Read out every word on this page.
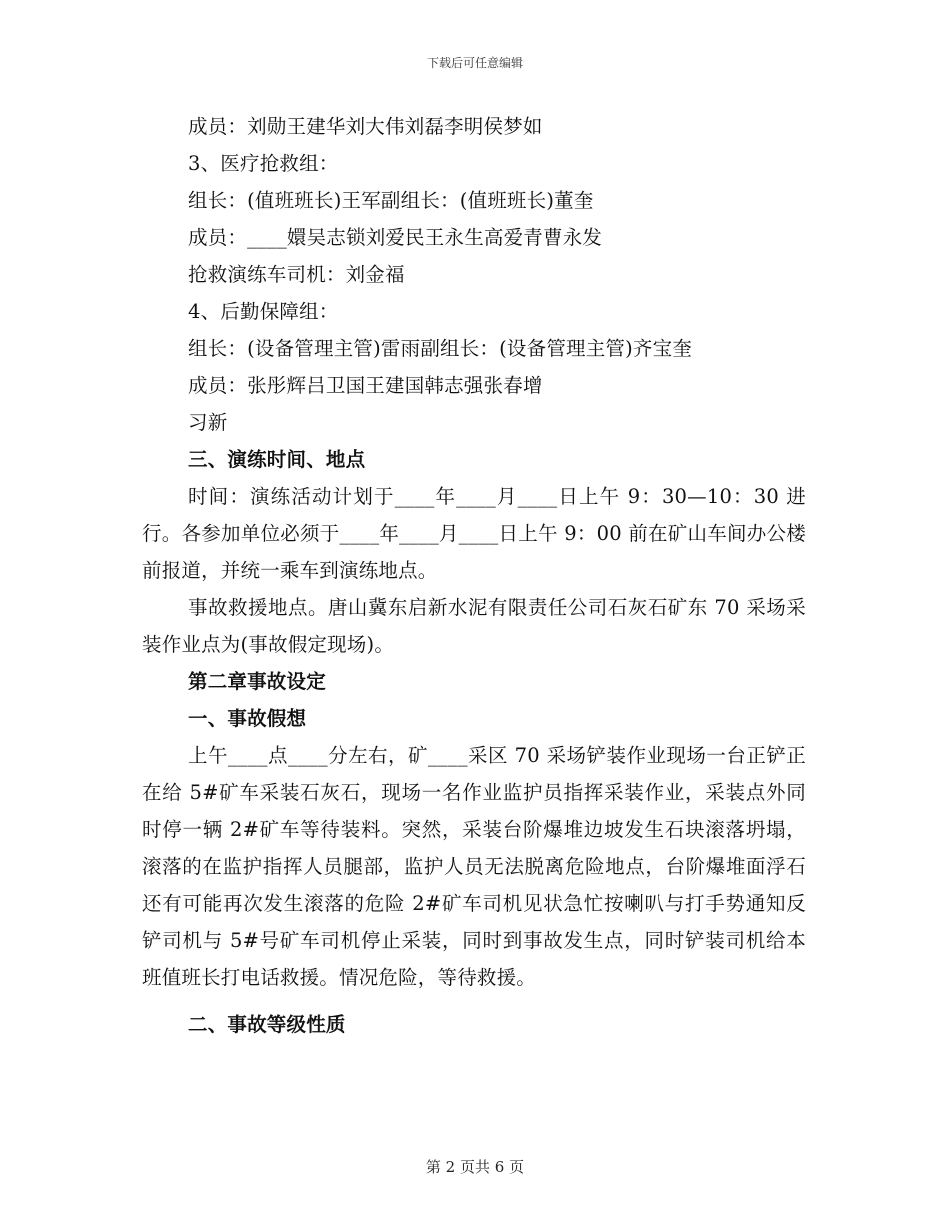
下载后可任意编辑
成员：刘勋王建华刘大伟刘磊李明侯梦如
3、医疗抢救组：
组长：(值班班长)王军副组长：(值班班长)董奎
成员：____嬛吴志锁刘爱民王永生高爱青曹永发
抢救演练车司机：刘金福
4、后勤保障组：
组长：(设备管理主管)雷雨副组长：(设备管理主管)齐宝奎
成员：张彤辉吕卫国王建国韩志强张春增
习新
三、演练时间、地点
时间：演练活动计划于____年____月____日上午 9：30—10：30 进行。各参加单位必须于____年____月____日上午 9：00 前在矿山车间办公楼前报道，并统一乘车到演练地点。
事故救援地点。唐山冀东启新水泥有限责任公司石灰石矿东 70 采场采装作业点为(事故假定现场)。
第二章事故设定
一、事故假想
上午____点____分左右，矿____采区 70 采场铲装作业现场一台正铲正在给 5#矿车采装石灰石，现场一名作业监护员指挥采装作业，采装点外同时停一辆 2#矿车等待装料。突然，采装台阶爆堆边坡发生石块滚落坍塌，滚落的在监护指挥人员腿部，监护人员无法脱离危险地点，台阶爆堆面浮石还有可能再次发生滚落的危险 2#矿车司机见状急忙按喇叭与打手势通知反铲司机与 5#号矿车司机停止采装，同时到事故发生点，同时铲装司机给本班值班长打电话救援。情况危险，等待救援。
二、事故等级性质
第 2 页共 6 页
